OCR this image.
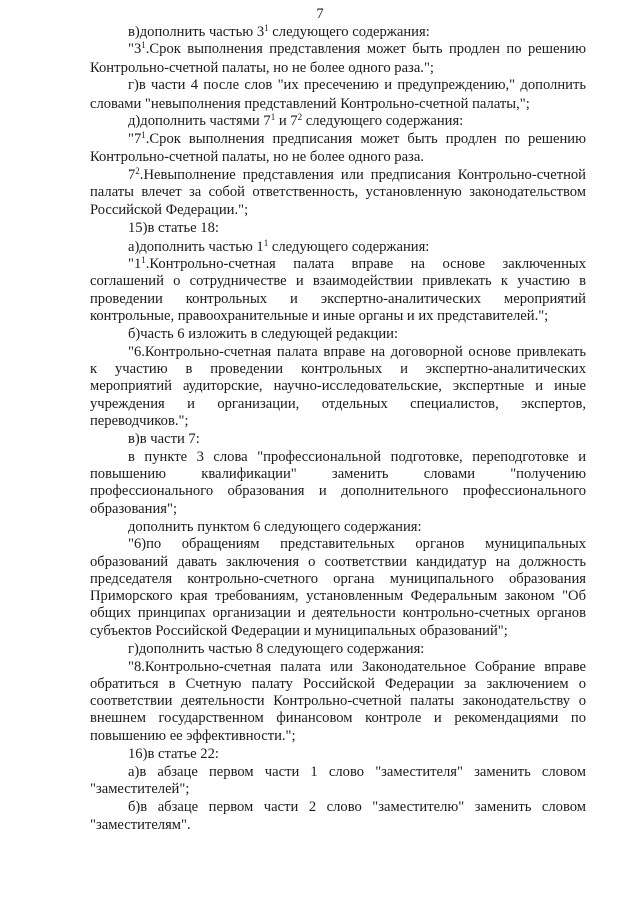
7
в)дополнить частью $3^1$ следующего содержания:
"$3^1.Срок$ выполнения представления может быть продлен по решению
Контрольно-счетной палаты, но не более одного раза.";
г)в части 4 после слов "их пресечению и предупреждению," дополнить
словами "невыполнения представлений Контрольно-счетной палаты,";
д)дополнить частями $7^1$ и $7^2$ следующего содержания:
"$7^1.Срок$ выполнения предписания может быть продлен по решению
Контрольно-счетной палаты, но не более одного раза.
$7^2.Невыполнение$ представления или предписания Контрольно-счетной
палаты влечет за собой ответственность, установленную законодательством
Российской Федерации.";
15)в статье 18:
а)дополнить частью $1^1$ следующего содержания:
"$1^1.Контрольно$-счетная палата вправе на основе заключенных
соглашений о сотрудничестве и взаимодействии привлекать к участию в
проведении контрольных и экспертно-аналитических мероприятий
контрольные, правоохранительные и иные органы и их представителей.";
б)часть 6 изложить в следующей редакции:
"6.Контрольно-счетная палата вправе на договорной основе привлекать
к участию в проведении контрольных и экспертно-аналитических
мероприятий аудиторские, научно-исследовательские, экспертные и иные
учреждения и организации, отдельных специалистов, экспертов,
переводчиков.";
в)в части 7:
в пункте 3 слова "профессиональной подготовке, переподготовке и
повышению квалификации" заменить словами "получению
профессионального образования и дополнительного профессионального
образования";
дополнить пунктом 6 следующего содержания:
"6)по обращениям представительных органов муниципальных
образований давать заключения о соответствии кандидатур на должность
председателя контрольно-счетного органа муниципального образования
Приморского края требованиям, установленным Федеральным законом "Об
общих принципах организации и деятельности контрольно-счетных органов
субъектов Российской Федерации и муниципальных образований";
г)дополнить частью 8 следующего содержания:
"8.Контрольно-счетная палата или Законодательное Собрание вправе
обратиться в Счетную палату Российской Федерации за заключением о
соответствии деятельности Контрольно-счетной палаты законодательству о
внешнем государственном финансовом контроле и рекомендациями по
повышению ее эффективности.";
16)в статье 22:
а)в абзаце первом части 1 слово "заместителя" заменить словом
"заместителей";
б)в абзаце первом части 2 слово "заместителю" заменить словом
"заместителям".
